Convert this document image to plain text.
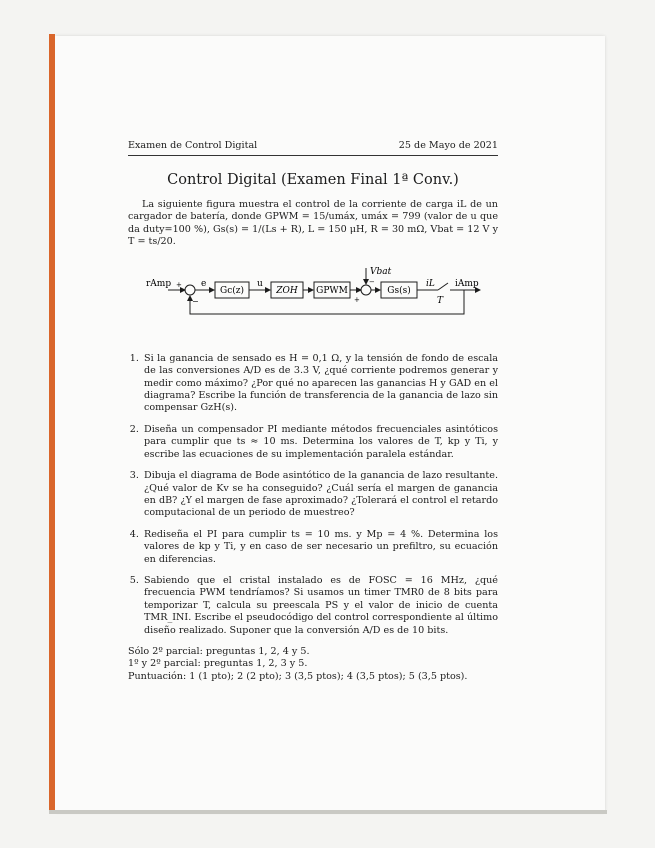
Examen de Control Digital	25 de Mayo de 2021
Control Digital (Examen Final 1ª Conv.)

La siguiente figura muestra el control de la corriente de carga iL de un cargador de batería, donde GPWM = 15/umáx, umáx = 799 (valor de u que da duty=100 %), Gs(s) = 1/(Ls + R), L = 150 μH, R = 30 mΩ, Vbat = 12 V y T = ts/20.

rAmp +
−
e
Gc(z)
u
ZOH GPWM
+
Vbat
−
Gs(s)
iL
T
iAmp
1. Si la ganancia de sensado es H = 0,1 Ω, y la tensión de fondo de escala de las conversiones A/D es de 3.3 V, ¿qué corriente podremos generar y medir como máximo? ¿Por qué no aparecen las ganancias H y GAD en el diagrama? Escribe la función de transferencia de la ganancia de lazo sin compensar GzH(s).
2. Diseña un compensador PI mediante métodos frecuenciales asintóticos para cumplir que ts ≈ 10 ms. Determina los valores de T, kp y Ti, y escribe las ecuaciones de su implementación paralela estándar.
3. Dibuja el diagrama de Bode asintótico de la ganancia de lazo resultante. ¿Qué valor de Kv se ha conseguido? ¿Cuál sería el margen de ganancia en dB? ¿Y el margen de fase aproximado? ¿Tolerará el control el retardo computacional de un periodo de muestreo?
4. Rediseña el PI para cumplir ts = 10 ms. y Mp = 4 %. Determina los valores de kp y Ti, y en caso de ser necesario un prefiltro, su ecuación en diferencias.
5. Sabiendo que el cristal instalado es de FOSC = 16 MHz, ¿qué frecuencia PWM tendríamos? Si usamos un timer TMR0 de 8 bits para temporizar T, calcula su preescala PS y el valor de inicio de cuenta TMR_INI. Escribe el pseudocódigo del control correspondiente al último diseño realizado. Suponer que la conversión A/D es de 10 bits.
Sólo 2º parcial: preguntas 1, 2, 4 y 5.
1º y 2º parcial: preguntas 1, 2, 3 y 5.
Puntuación: 1 (1 pto); 2 (2 pto); 3 (3,5 ptos); 4 (3,5 ptos); 5 (3,5 ptos).
